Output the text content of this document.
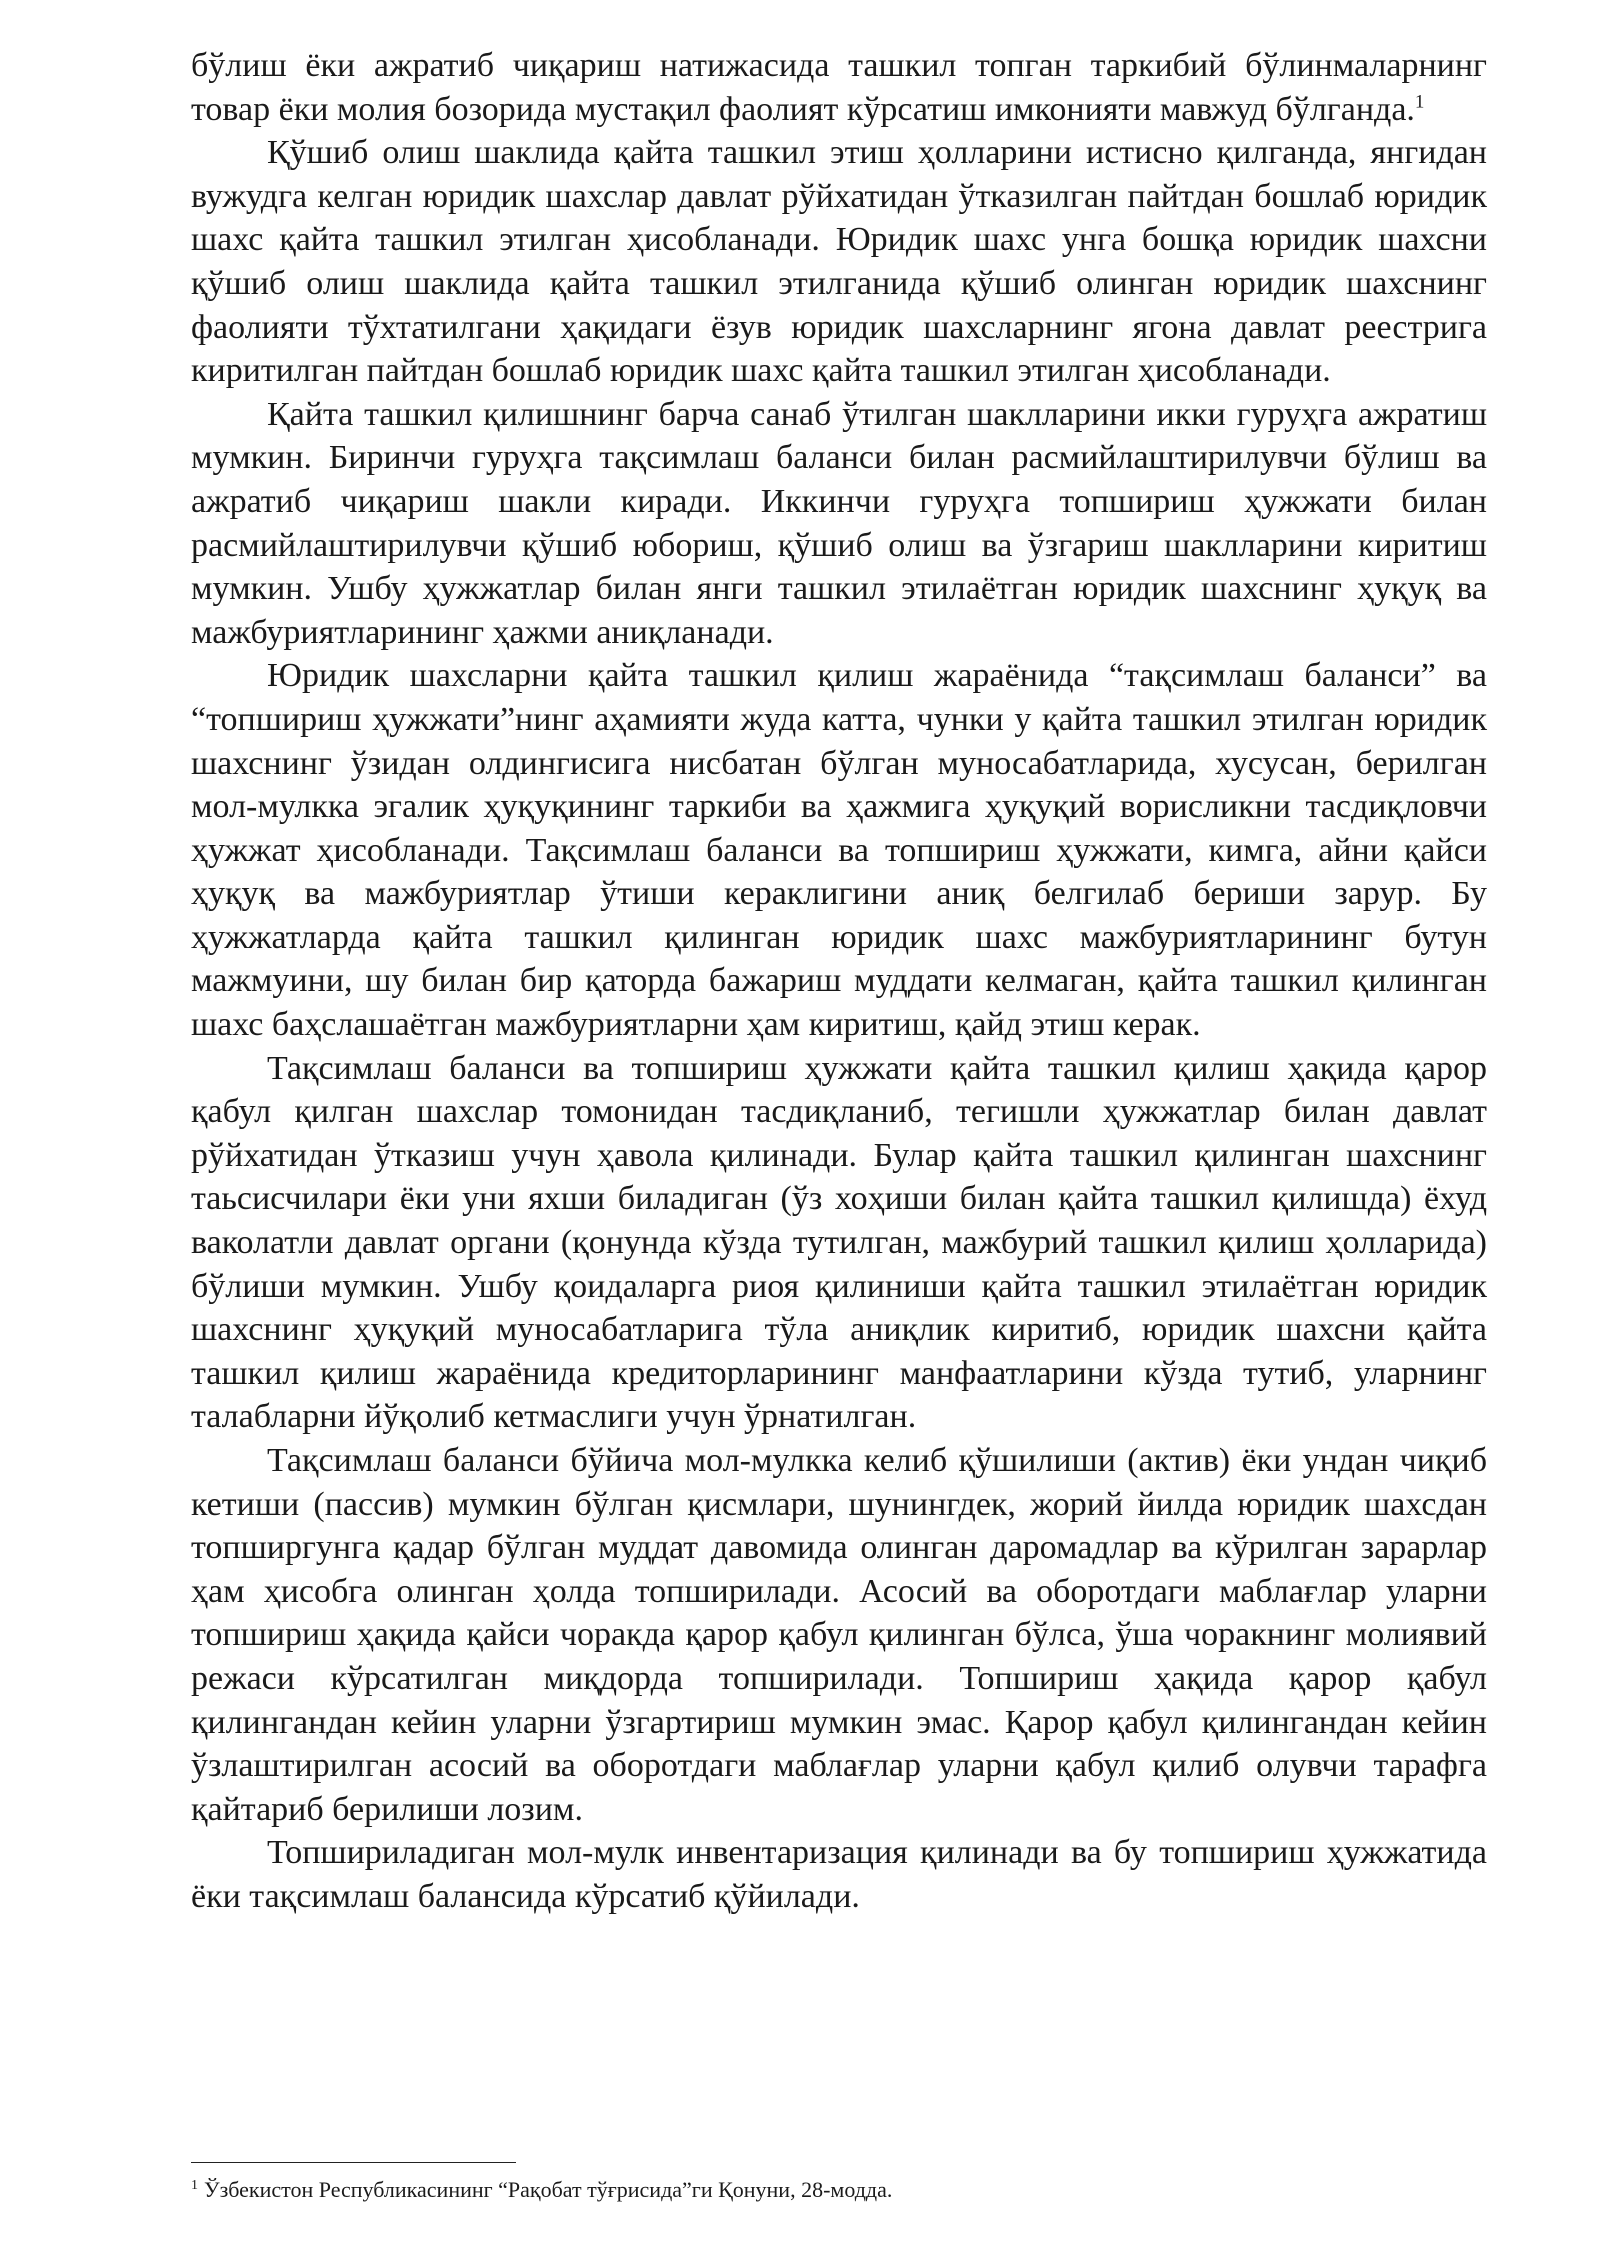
бўлиш ёки ажратиб чиқариш натижасида ташкил топган таркибий бўлинмаларнинг товар ёки молия бозорида мустақил фаолият кўрсатиш имконияти мавжуд бўлганда.$^1$

Қўшиб олиш шаклида қайта ташкил этиш ҳолларини истисно қилганда, янгидан вужудга келган юридик шахслар давлат рўйхатидан ўтказилган пайтдан бошлаб юридик шахс қайта ташкил этилган ҳисобланади. Юридик шахс унга бошқа юридик шахсни қўшиб олиш шаклида қайта ташкил этилганида қўшиб олинган юридик шахснинг фаолияти тўхтатилгани ҳақидаги ёзув юридик шахсларнинг ягона давлат реестрига киритилган пайтдан бошлаб юридик шахс қайта ташкил этилган ҳисобланади.

Қайта ташкил қилишнинг барча санаб ўтилган шаклларини икки гуруҳга ажратиш мумкин. Биринчи гуруҳга тақсимлаш баланси билан расмийлаштирилувчи бўлиш ва ажратиб чиқариш шакли киради. Иккинчи гуруҳга топшириш ҳужжати билан расмийлаштирилувчи қўшиб юбориш, қўшиб олиш ва ўзгариш шаклларини киритиш мумкин. Ушбу ҳужжатлар билан янги ташкил этилаётган юридик шахснинг ҳуқуқ ва мажбуриятларининг ҳажми аниқланади.

Юридик шахсларни қайта ташкил қилиш жараёнида “тақсимлаш баланси” ва “топшириш ҳужжати”нинг аҳамияти жуда катта, чунки у қайта ташкил этилган юридик шахснинг ўзидан олдингисига нисбатан бўлган муносабатларида, хусусан, берилган мол-мулкка эгалик ҳуқуқининг таркиби ва ҳажмига ҳуқуқий ворисликни тасдиқловчи ҳужжат ҳисобланади. Тақсимлаш баланси ва топшириш ҳужжати, кимга, айни қайси ҳуқуқ ва мажбуриятлар ўтиши кераклигини аниқ белгилаб бериши зарур. Бу ҳужжатларда қайта ташкил қилинган юридик шахс мажбуриятларининг бутун мажмуини, шу билан бир қаторда бажариш муддати келмаган, қайта ташкил қилинган шахс баҳслашаётган мажбуриятларни ҳам киритиш, қайд этиш керак.

Тақсимлаш баланси ва топшириш ҳужжати қайта ташкил қилиш ҳақида қарор қабул қилган шахслар томонидан тасдиқланиб, тегишли ҳужжатлар билан давлат рўйхатидан ўтказиш учун ҳавола қилинади. Булар қайта ташкил қилинган шахснинг таьсисчилари ёки уни яхши биладиган (ўз хоҳиши билан қайта ташкил қилишда) ёхуд ваколатли давлат органи (қонунда кўзда тутилган, мажбурий ташкил қилиш ҳолларида) бўлиши мумкин. Ушбу қоидаларга риоя қилиниши қайта ташкил этилаётган юридик шахснинг ҳуқуқий муносабатларига тўла аниқлик киритиб, юридик шахсни қайта ташкил қилиш жараёнида кредиторларининг манфаатларини кўзда тутиб, уларнинг талабларни йўқолиб кетмаслиги учун ўрнатилган.

Тақсимлаш баланси бўйича мол-мулкка келиб қўшилиши (актив) ёки ундан чиқиб кетиши (пассив) мумкин бўлган қисмлари, шунингдек, жорий йилда юридик шахсдан топширгунга қадар бўлган муддат давомида олинган даромадлар ва кўрилган зарарлар ҳам ҳисобга олинган ҳолда топширилади. Асосий ва оборотдаги маблағлар уларни топшириш ҳақида қайси чоракда қарор қабул қилинган бўлса, ўша чоракнинг молиявий режаси кўрсатилган миқдорда топширилади. Топшириш ҳақида қарор қабул қилингандан кейин уларни ўзгартириш мумкин эмас. Қарор қабул қилингандан кейин ўзлаштирилган асосий ва оборотдаги маблағлар уларни қабул қилиб олувчи тарафга қайтариб берилиши лозим.

Топшириладиган мол-мулк инвентаризация қилинади ва бу топшириш ҳужжатида ёки тақсимлаш балансида кўрсатиб қўйилади.

$^1$ Ўзбекистон Республикасининг “Рақобат тўғрисида”ги Қонуни, 28-модда.
